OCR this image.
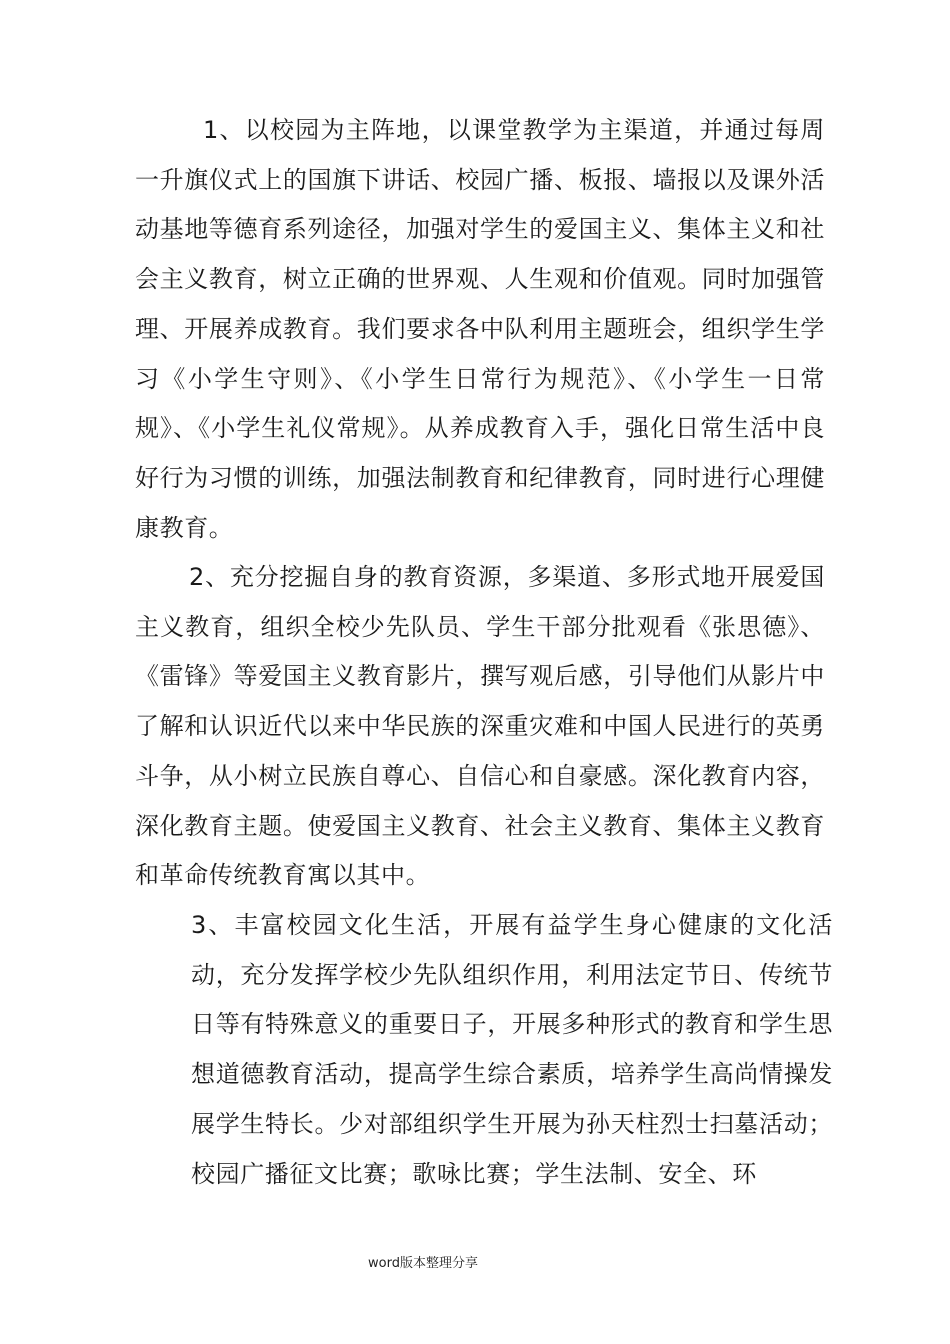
1、以校园为主阵地，以课堂教学为主渠道，并通过每周一升旗仪式上的国旗下讲话、校园广播、板报、墙报以及课外活动基地等德育系列途径，加强对学生的爱国主义、集体主义和社会主义教育，树立正确的世界观、人生观和价值观。同时加强管理、开展养成教育。我们要求各中队利用主题班会，组织学生学习《小学生守则》、《小学生日常行为规范》、《小学生一日常规》、《小学生礼仪常规》。从养成教育入手，强化日常生活中良好行为习惯的训练，加强法制教育和纪律教育，同时进行心理健康教育。

2、充分挖掘自身的教育资源，多渠道、多形式地开展爱国主义教育，组织全校少先队员、学生干部分批观看《张思德》、《雷锋》等爱国主义教育影片，撰写观后感，引导他们从影片中了解和认识近代以来中华民族的深重灾难和中国人民进行的英勇斗争，从小树立民族自尊心、自信心和自豪感。深化教育内容，深化教育主题。使爱国主义教育、社会主义教育、集体主义教育和革命传统教育寓以其中。

3、丰富校园文化生活，开展有益学生身心健康的文化活动，充分发挥学校少先队组织作用，利用法定节日、传统节日等有特殊意义的重要日子，开展多种形式的教育和学生思想道德教育活动，提高学生综合素质，培养学生高尚情操发展学生特长。少对部组织学生开展为孙天柱烈士扫墓活动；校园广播征文比赛；歌咏比赛；学生法制、安全、环

word版本整理分享
